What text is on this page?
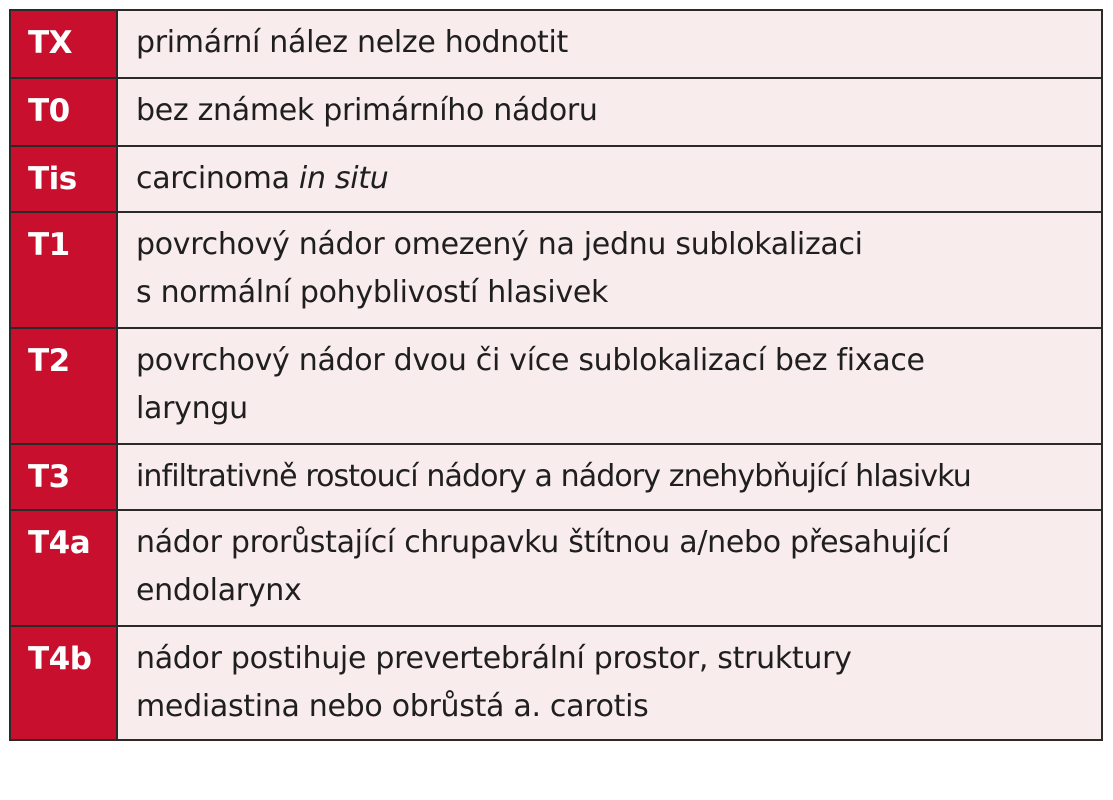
TX	primární nález nelze hodnotit

T0	bez známek primárního nádoru

Tis	carcinoma in situ

T1	povrchový nádor omezený na jednu sublokalizaci
s normální pohyblivostí hlasivek

T2	povrchový nádor dvou či více sublokalizací bez fixace
laryngu

T3	infiltrativně rostoucí nádory a nádory znehybňující hlasivku

T4a	nádor prorůstající chrupavku štítnou a/nebo přesahující
endolarynx

T4b	nádor postihuje prevertebrální prostor, struktury
mediastina nebo obrůstá a. carotis
